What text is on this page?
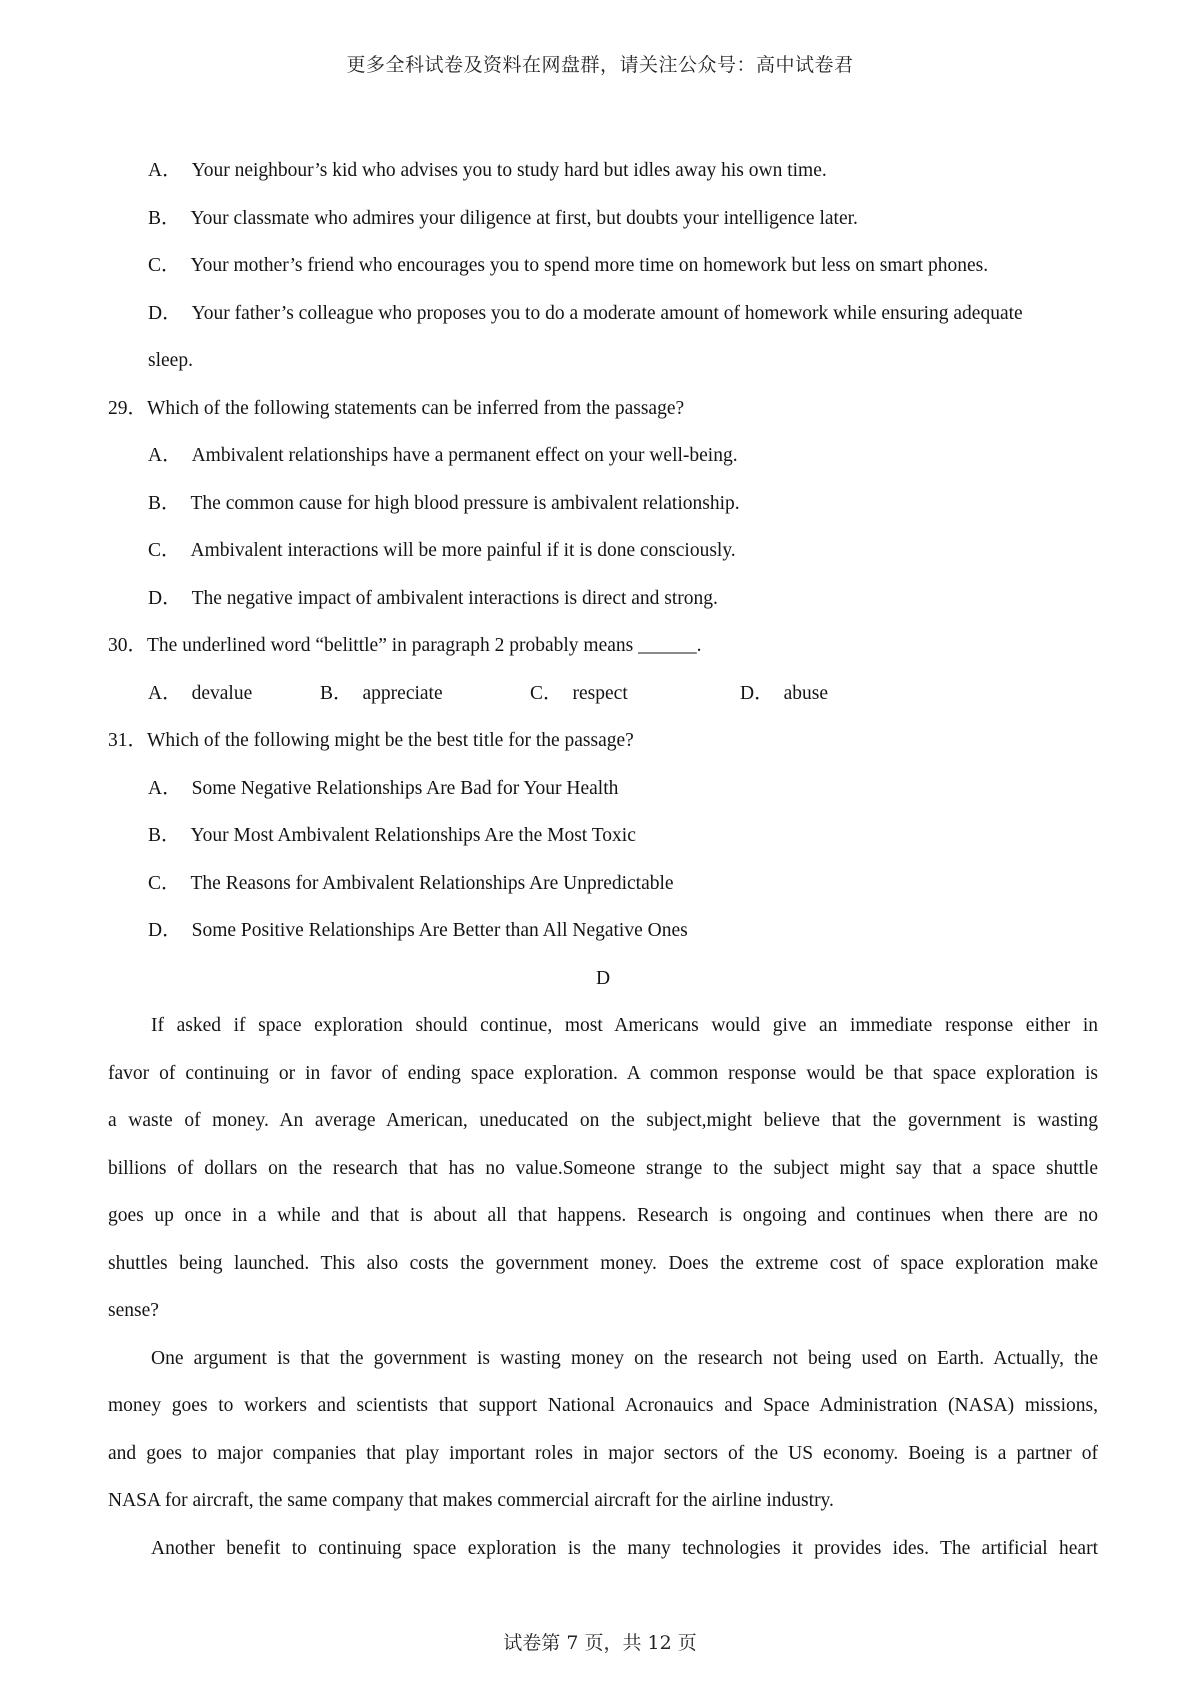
更多全科试卷及资料在网盘群，请关注公众号：高中试卷君
A． Your neighbour’s kid who advises you to study hard but idles away his own time.
B． Your classmate who admires your diligence at first, but doubts your intelligence later.
C． Your mother’s friend who encourages you to spend more time on homework but less on smart phones.
D． Your father’s colleague who proposes you to do a moderate amount of homework while ensuring adequate
sleep.
29．Which of the following statements can be inferred from the passage?
A． Ambivalent relationships have a permanent effect on your well-being.
B． The common cause for high blood pressure is ambivalent relationship.
C． Ambivalent interactions will be more painful if it is done consciously.
D． The negative impact of ambivalent interactions is direct and strong.
30．The underlined word “belittle” in paragraph 2 probably means ______.
A． devalue	B． appreciate	C． respect	D． abuse
31．Which of the following might be the best title for the passage?
A． Some Negative Relationships Are Bad for Your Health
B． Your Most Ambivalent Relationships Are the Most Toxic
C． The Reasons for Ambivalent Relationships Are Unpredictable
D． Some Positive Relationships Are Better than All Negative Ones
D
If asked if space exploration should continue, most Americans would give an immediate response either in
favor of continuing or in favor of ending space exploration. A common response would be that space exploration is
a waste of money. An average American, uneducated on the subject,might believe that the government is wasting
billions of dollars on the research that has no value.Someone strange to the subject might say that a space shuttle
goes up once in a while and that is about all that happens. Research is ongoing and continues when there are no
shuttles being launched. This also costs the government money. Does the extreme cost of space exploration make
sense?
One argument is that the government is wasting money on the research not being used on Earth. Actually, the
money goes to workers and scientists that support National Acronauics and Space Administration (NASA) missions,
and goes to major companies that play important roles in major sectors of the US economy. Boeing is a partner of
NASA for aircraft, the same company that makes commercial aircraft for the airline industry.
Another benefit to continuing space exploration is the many technologies it provides ides. The artificial heart
试卷第 7 页，共 12 页
